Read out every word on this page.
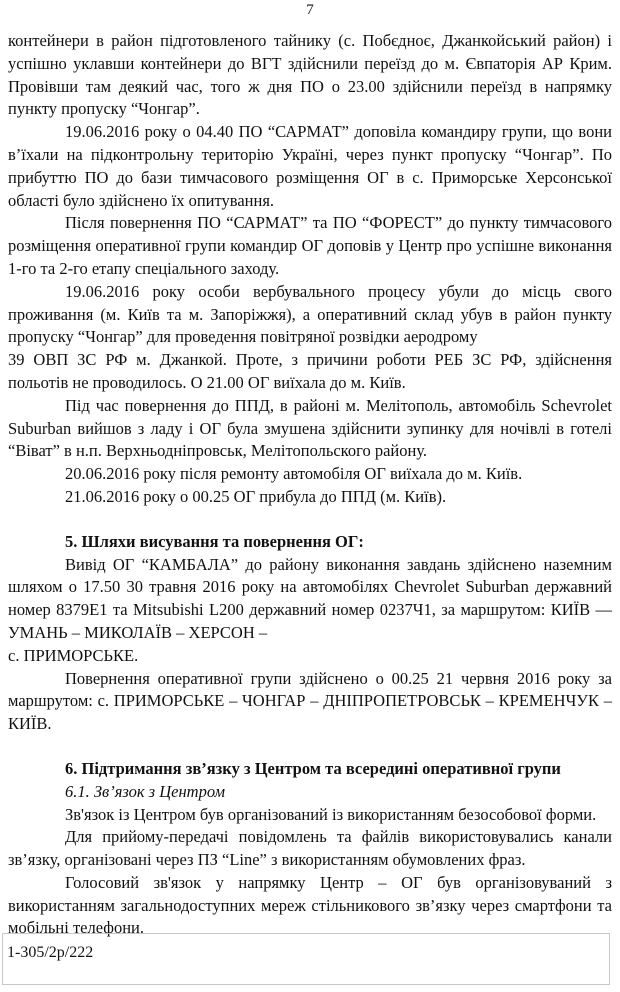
7

контейнери в район підготовленого тайнику (с. Побєдноє, Джанкойський район) і успішно уклавши контейнери до ВГТ здійснили переїзд до м. Євпаторія АР Крим. Провівши там деякий час, того ж дня ПО о 23.00 здійснили переїзд в напрямку пункту пропуску “Чонгар”.

19.06.2016 року о 04.40 ПО “САРМАТ” доповіла командиру групи, що вони в’їхали на підконтрольну територію Україні, через пункт пропуску “Чонгар”. По прибуттю ПО до бази тимчасового розміщення ОГ в с. Приморське Херсонської області було здійснено їх опитування.

Після повернення ПО “САРМАТ” та ПО “ФОРЕСТ” до пункту тимчасового розміщення оперативної групи командир ОГ доповів у Центр про успішне виконання 1-го та 2-го етапу спеціального заходу.

19.06.2016 року особи вербувального процесу убули до місць свого проживання (м. Київ та м. Запоріжжя), а оперативний склад убув в район пункту пропуску “Чонгар” для проведення повітряної розвідки аеродрому

39 ОВП ЗС РФ м. Джанкой. Проте, з причини роботи РЕБ ЗС РФ, здійснення польотів не проводилось. О 21.00 ОГ виїхала до м. Київ.

Під час повернення до ППД, в районі м. Мелітополь, автомобіль Schevrolet Suburban вийшов з ладу і ОГ була змушена здійснити зупинку для ночівлі в готелі “Віват” в н.п. Верхньодніпровськ, Мелітопольского району.

20.06.2016 року після ремонту автомобіля ОГ виїхала до м. Київ.

21.06.2016 року о 00.25 ОГ прибула до ППД (м. Київ).

5. Шляхи висування та повернення ОГ:

Вивід ОГ “КАМБАЛА” до району виконання завдань здійснено наземним шляхом о 17.50 30 травня 2016 року на автомобілях Chevrolet Suburban державний номер 8379Е1 та Mitsubishi L200 державний номер 0237Ч1, за маршрутом: КИЇВ — УМАНЬ – МИКОЛАЇВ – ХЕРСОН –

с. ПРИМОРСЬКЕ.

Повернення оперативної групи здійснено о 00.25 21 червня 2016 року за маршрутом: с. ПРИМОРСЬКЕ – ЧОНГАР – ДНІПРОПЕТРОВСЬК – КРЕМЕНЧУК – КИЇВ.

6. Підтримання зв’язку з Центром та всередині оперативної групи

6.1. Зв’язок з Центром

Зв'язок із Центром був організований із використанням безособової форми.

Для прийому-передачі повідомлень та файлів використовувались канали зв’язку, організовані через ПЗ “Line” з використанням обумовлених фраз.

Голосовий зв'язок у напрямку Центр – ОГ був організовуваний з використанням загальнодоступних мереж стільникового зв’язку через смартфони та мобільні телефони.

1-305/2р/222
